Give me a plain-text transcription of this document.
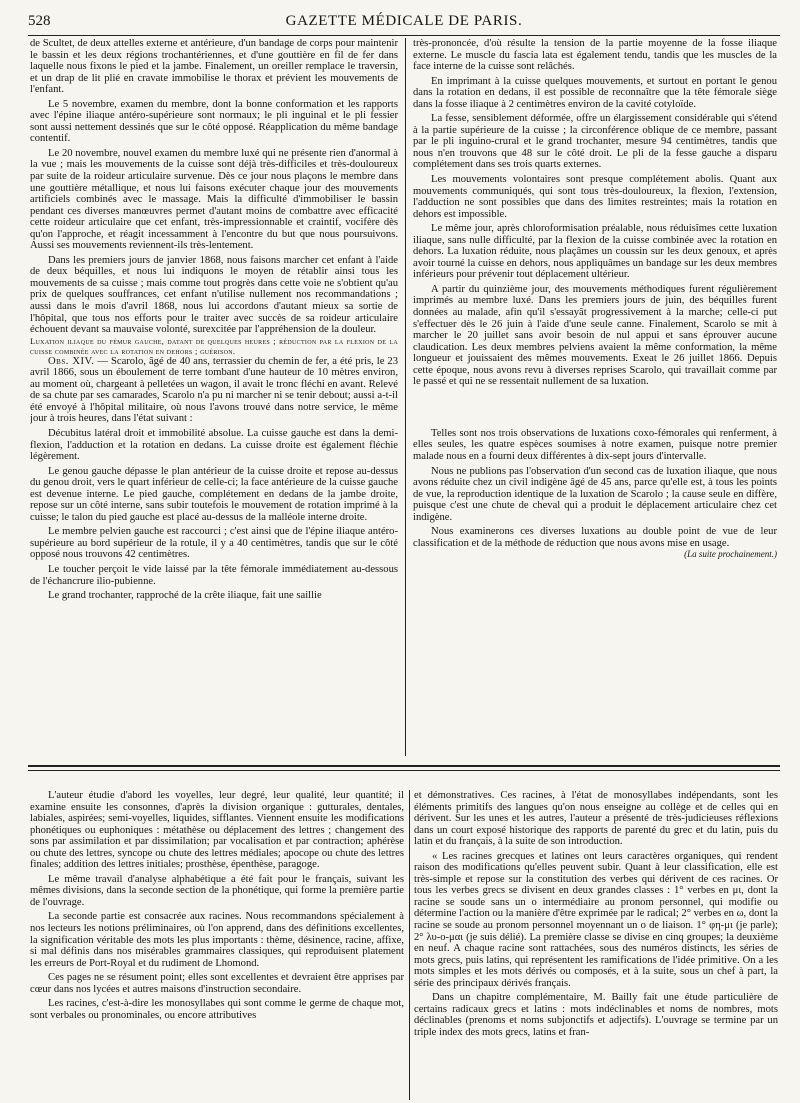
528	GAZETTE MÉDICALE DE PARIS.

de Scultet, de deux attelles externe et antérieure, d'un bandage de corps pour maintenir le bassin et les deux régions trochantériennes, et d'une gouttière en fil de fer dans laquelle nous fixons le pied et la jambe. Finalement, un oreiller remplace le traversin, et un drap de lit plié en cravate immobilise le thorax et prévient les mouvements de l'enfant.

Le 5 novembre, examen du membre, dont la bonne conformation et les rapports avec l'épine iliaque antéro-supérieure sont normaux; le pli inguinal et le pli fessier sont aussi nettement dessinés que sur le côté opposé. Réapplication du même bandage contentif.

Le 20 novembre, nouvel examen du membre luxé qui ne présente rien d'anormal à la vue ; mais les mouvements de la cuisse sont déjà très-difficiles et très-douloureux par suite de la roideur articulaire survenue. Dès ce jour nous plaçons le membre dans une gouttière métallique, et nous lui faisons exécuter chaque jour des mouvements artificiels combinés avec le massage. Mais la difficulté d'immobiliser le bassin pendant ces diverses manœuvres permet d'autant moins de combattre avec efficacité cette roideur articulaire que cet enfant, très-impressionnable et craintif, vocifère dès qu'on l'approche, et réagit incessamment à l'encontre du but que nous poursuivons. Aussi ses mouvements reviennent-ils très-lentement.

Dans les premiers jours de janvier 1868, nous faisons marcher cet enfant à l'aide de deux béquilles, et nous lui indiquons le moyen de rétablir ainsi tous les mouvements de sa cuisse ; mais comme tout progrès dans cette voie ne s'obtient qu'au prix de quelques souffrances, cet enfant n'utilise nullement nos recommandations ; aussi dans le mois d'avril 1868, nous lui accordons d'autant mieux sa sortie de l'hôpital, que tous nos efforts pour le traiter avec succès de sa roideur articulaire échouent devant sa mauvaise volonté, surexcitée par l'appréhension de la douleur.

Luxation iliaque du fémur gauche, datant de quelques heures ; réduction par la flexion de la cuisse combinée avec la rotation en dehors ; guérison.

Obs. XIV. — Scarolo, âgé de 40 ans, terrassier du chemin de fer, a été pris, le 23 avril 1866, sous un éboulement de terre tombant d'une hauteur de 10 mètres environ, au moment où, chargeant à pelletées un wagon, il avait le tronc fléchi en avant. Relevé de sa chute par ses camarades, Scarolo n'a pu ni marcher ni se tenir debout; aussi a-t-il été envoyé à l'hôpital militaire, où nous l'avons trouvé dans notre service, le même jour à trois heures, dans l'état suivant :

Décubitus latéral droit et immobilité absolue. La cuisse gauche est dans la demi-flexion, l'adduction et la rotation en dedans. La cuisse droite est également fléchie légèrement.

Le genou gauche dépasse le plan antérieur de la cuisse droite et repose au-dessus du genou droit, vers le quart inférieur de celle-ci; la face antérieure de la cuisse gauche est devenue interne. Le pied gauche, complétement en dedans de la jambe droite, repose sur un côté interne, sans subir toutefois le mouvement de rotation imprimé à la cuisse; le talon du pied gauche est placé au-dessus de la malléole interne droite.

Le membre pelvien gauche est raccourci ; c'est ainsi que de l'épine iliaque antéro-supérieure au bord supérieur de la rotule, il y a 40 centimètres, tandis que sur le côté opposé nous trouvons 42 centimètres.

Le toucher perçoit le vide laissé par la tête fémorale immédiatement au-dessous de l'échancrure ilio-pubienne.

Le grand trochanter, rapproché de la crête iliaque, fait une saillie

très-prononcée, d'où résulte la tension de la partie moyenne de la fosse iliaque externe. Le muscle du fascia lata est également tendu, tandis que les muscles de la face interne de la cuisse sont relâchés.

En imprimant à la cuisse quelques mouvements, et surtout en portant le genou dans la rotation en dedans, il est possible de reconnaître que la tête fémorale siège dans la fosse iliaque à 2 centimètres environ de la cavité cotyloïde.

La fesse, sensiblement déformée, offre un élargissement considérable qui s'étend à la partie supérieure de la cuisse ; la circonférence oblique de ce membre, passant par le pli inguino-crural et le grand trochanter, mesure 94 centimètres, tandis que nous n'en trouvons que 48 sur le côté droit. Le pli de la fesse gauche a disparu complétement dans ses trois quarts externes.

Les mouvements volontaires sont presque complétement abolis. Quant aux mouvements communiqués, qui sont tous très-douloureux, la flexion, l'extension, l'adduction ne sont possibles que dans des limites restreintes; mais la rotation en dehors est impossible.

Le même jour, après chloroformisation préalable, nous réduisîmes cette luxation iliaque, sans nulle difficulté, par la flexion de la cuisse combinée avec la rotation en dehors. La luxation réduite, nous plaçâmes un coussin sur les deux genoux, et après avoir tourné la cuisse en dehors, nous appliquâmes un bandage sur les deux membres inférieurs pour prévenir tout déplacement ultérieur.

A partir du quinzième jour, des mouvements méthodiques furent régulièrement imprimés au membre luxé. Dans les premiers jours de juin, des béquilles furent données au malade, afin qu'il s'essayât progressivement à la marche; celle-ci put s'effectuer dès le 26 juin à l'aide d'une seule canne. Finalement, Scarolo se mit à marcher le 20 juillet sans avoir besoin de nul appui et sans éprouver aucune claudication. Les deux membres pelviens avaient la même conformation, la même longueur et jouissaient des mêmes mouvements. Exeat le 26 juillet 1866. Depuis cette époque, nous avons revu à diverses reprises Scarolo, qui travaillait comme par le passé et qui ne se ressentait nullement de sa luxation.

Telles sont nos trois observations de luxations coxo-fémorales qui renferment, à elles seules, les quatre espèces soumises à notre examen, puisque notre premier malade nous en a fourni deux différentes à dix-sept jours d'intervalle.

Nous ne publions pas l'observation d'un second cas de luxation iliaque, que nous avons réduite chez un civil indigène âgé de 45 ans, parce qu'elle est, à tous les points de vue, la reproduction identique de la luxation de Scarolo ; la cause seule en diffère, puisque c'est une chute de cheval qui a produit le déplacement articulaire chez cet indigène.

Nous examinerons ces diverses luxations au double point de vue de leur classification et de la méthode de réduction que nous avons mise en usage.

(La suite prochainement.)

L'auteur étudie d'abord les voyelles, leur degré, leur qualité, leur quantité; il examine ensuite les consonnes, d'après la division organique : gutturales, dentales, labiales, aspirées; semi-voyelles, liquides, sifflantes. Viennent ensuite les modifications phonétiques ou euphoniques : métathèse ou déplacement des lettres ; changement des sons par assimilation et par dissimilation; par vocalisation et par contraction; aphérèse ou chute des lettres, syncope ou chute des lettres médiales; apocope ou chute des lettres finales; addition des lettres initiales; prosthèse, épenthèse, paragoge.

Le même travail d'analyse alphabétique a été fait pour le français, suivant les mêmes divisions, dans la seconde section de la phonétique, qui forme la première partie de l'ouvrage.

La seconde partie est consacrée aux racines. Nous recommandons spécialement à nos lecteurs les notions préliminaires, où l'on apprend, dans des définitions excellentes, la signification véritable des mots les plus importants : thème, désinence, racine, affixe, si mal définis dans nos misérables grammaires classiques, qui reproduisent platement les erreurs de Port-Royal et du rudiment de Lhomond.

Ces pages ne se résument point; elles sont excellentes et devraient être apprises par cœur dans nos lycées et autres maisons d'instruction secondaire.

Les racines, c'est-à-dire les monosyllabes qui sont comme le germe de chaque mot, sont verbales ou pronominales, ou encore attributives

et démonstratives. Ces racines, à l'état de monosyllabes indépendants, sont les éléments primitifs des langues qu'on nous enseigne au collège et de celles qui en dérivent. Sur les unes et les autres, l'auteur a présenté de très-judicieuses réflexions dans un court exposé historique des rapports de parenté du grec et du latin, puis du latin et du français, à la suite de son introduction.

« Les racines grecques et latines ont leurs caractères organiques, qui rendent raison des modifications qu'elles peuvent subir. Quant à leur classification, elle est très-simple et repose sur la constitution des verbes qui dérivent de ces racines. Or tous les verbes grecs se divisent en deux grandes classes : 1° verbes en μι, dont la racine se soude sans un ο intermédiaire au pronom personnel, qui modifie ou détermine l'action ou la manière d'être exprimée par le radical; 2° verbes en ω, dont la racine se soude au pronom personnel moyennant un ο de liaison. 1° φη-μι (je parle); 2° λυ-ο-μαι (je suis délié). La première classe se divise en cinq groupes; la deuxième en neuf. A chaque racine sont rattachées, sous des numéros distincts, les séries de mots grecs, puis latins, qui représentent les ramifications de l'idée primitive. On a les mots simples et les mots dérivés ou composés, et à la suite, sous un chef à part, la série des principaux dérivés français.

Dans un chapitre complémentaire, M. Bailly fait une étude particulière de certains radicaux grecs et latins : mots indéclinables et noms de nombres, mots déclinables (prenoms et noms subjonctifs et adjectifs). L'ouvrage se termine par un triple index des mots grecs, latins et fran-
